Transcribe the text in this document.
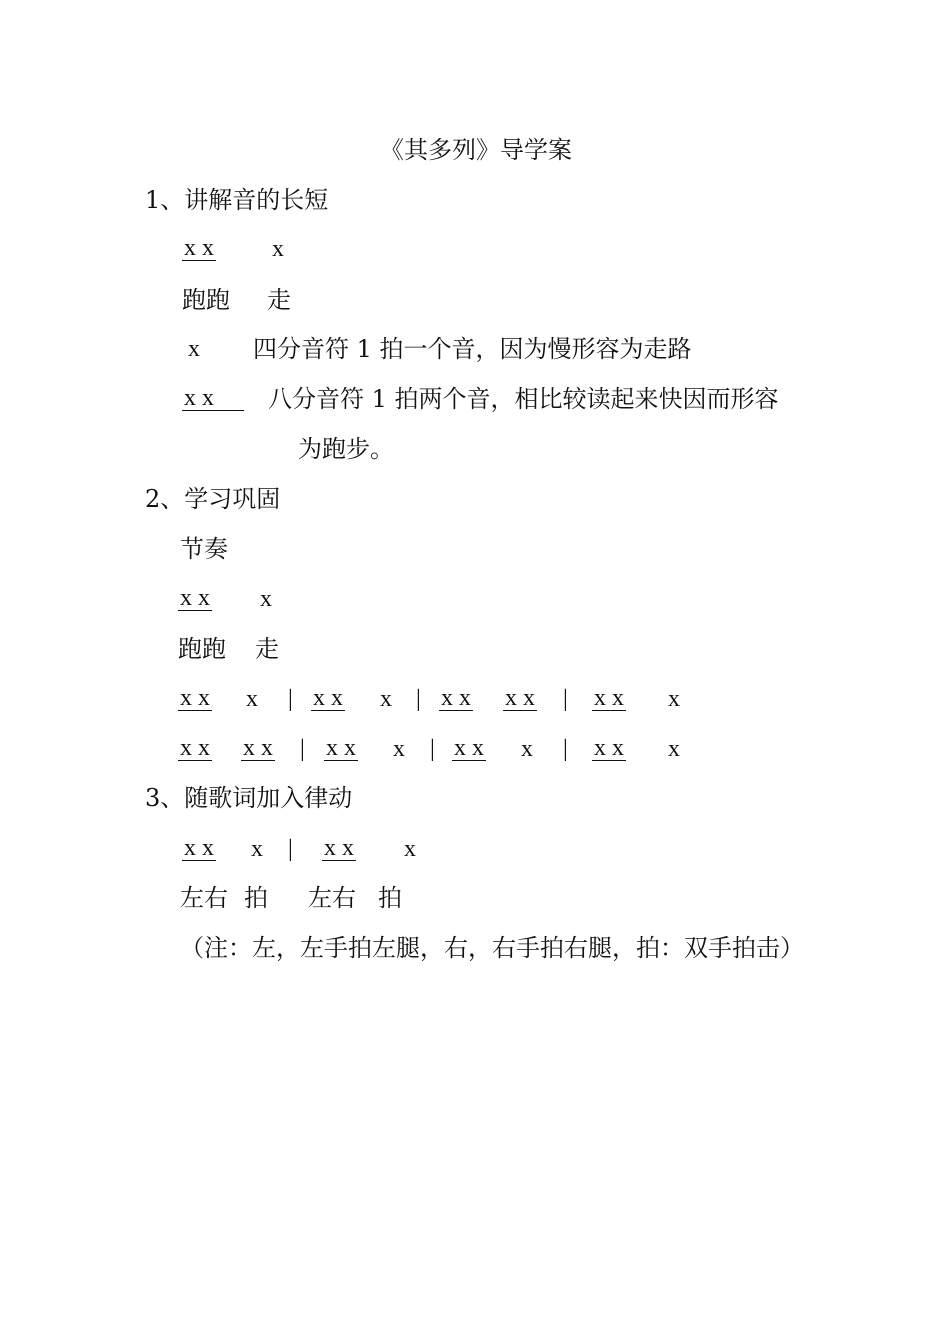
《其多列》导学案
1、讲解音的长短
x x x
跑跑 走
x 四分音符 1 拍一个音，因为慢形容为走路
x x	八分音符 1 拍两个音，相比较读起来快因而形容
为跑步。
2、学习巩固
节奏
x x x
跑跑 走
x x x | x x x | x x x x | x x x
x x x x | x x x | x x x | x x x
3、随歌词加入律动
x x x | x x x
左右 拍 左右 拍
（注：左，左手拍左腿，右，右手拍右腿，拍：双手拍击）
